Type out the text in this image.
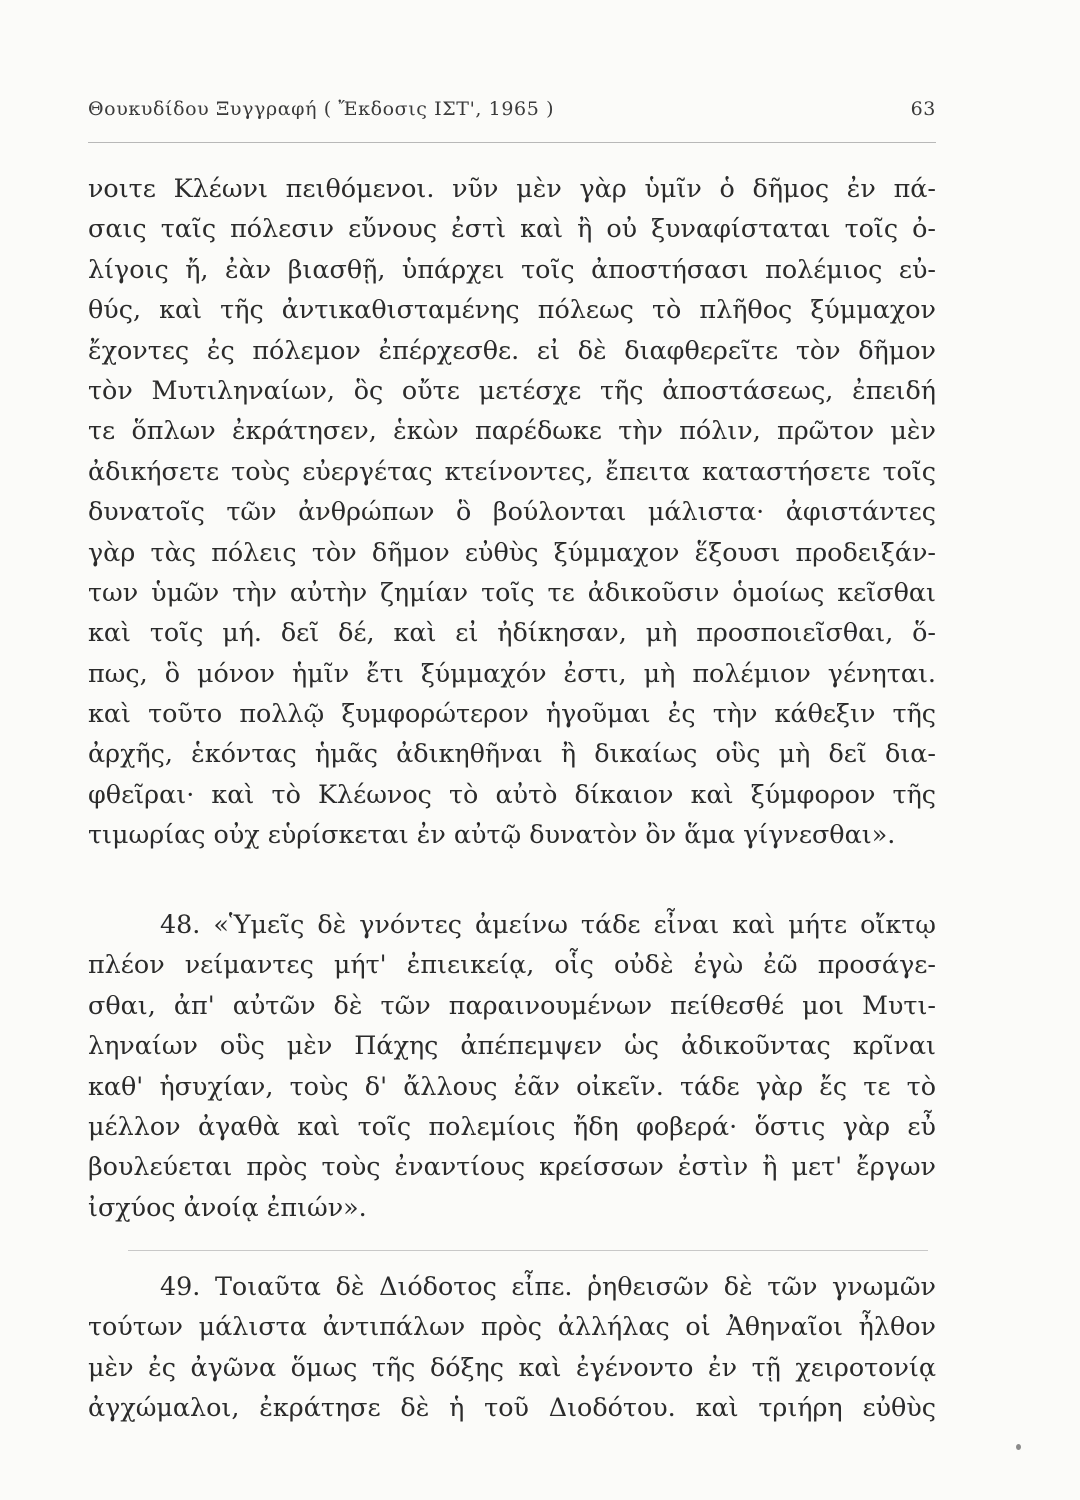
Θουκυδίδου Ξυγγραφή ( Ἔκδοσις ΙΣΤ', 1965 )	63
νοιτε Κλέωνι πειθόμενοι. νῦν μὲν γὰρ ὑμῖν ὁ δῆμος ἐν πά-
σαις ταῖς πόλεσιν εὔνους ἐστὶ καὶ ἢ οὐ ξυναφίσταται τοῖς ὀ-
λίγοις ἤ, ἐὰν βιασθῇ, ὑπάρχει τοῖς ἀποστήσασι πολέμιος εὐ-
θύς, καὶ τῆς ἀντικαθισταμένης πόλεως τὸ πλῆθος ξύμμαχον
ἔχοντες ἐς πόλεμον ἐπέρχεσθε. εἰ δὲ διαφθερεῖτε τὸν δῆμον
τὸν Μυτιληναίων, ὃς οὔτε μετέσχε τῆς ἀποστάσεως, ἐπειδή
τε ὅπλων ἐκράτησεν, ἑκὼν παρέδωκε τὴν πόλιν, πρῶτον μὲν
ἀδικήσετε τοὺς εὐεργέτας κτείνοντες, ἔπειτα καταστήσετε τοῖς
δυνατοῖς τῶν ἀνθρώπων ὃ βούλονται μάλιστα· ἀφιστάντες
γὰρ τὰς πόλεις τὸν δῆμον εὐθὺς ξύμμαχον ἕξουσι προδειξάν-
των ὑμῶν τὴν αὐτὴν ζημίαν τοῖς τε ἀδικοῦσιν ὁμοίως κεῖσθαι
καὶ τοῖς μή. δεῖ δέ, καὶ εἰ ἠδίκησαν, μὴ προσποιεῖσθαι, ὅ-
πως, ὃ μόνον ἡμῖν ἔτι ξύμμαχόν ἐστι, μὴ πολέμιον γένηται.
καὶ τοῦτο πολλῷ ξυμφορώτερον ἡγοῦμαι ἐς τὴν κάθεξιν τῆς
ἀρχῆς, ἑκόντας ἡμᾶς ἀδικηθῆναι ἢ δικαίως οὓς μὴ δεῖ δια-
φθεῖραι· καὶ τὸ Κλέωνος τὸ αὐτὸ δίκαιον καὶ ξύμφορον τῆς
τιμωρίας οὐχ εὑρίσκεται ἐν αὐτῷ δυνατὸν ὂν ἅμα γίγνεσθαι».
48. «Ὑμεῖς δὲ γνόντες ἀμείνω τάδε εἶναι καὶ μήτε οἴκτῳ
πλέον νείμαντες μήτ' ἐπιεικείᾳ, οἷς οὐδὲ ἐγὼ ἐῶ προσάγε-
σθαι, ἀπ' αὐτῶν δὲ τῶν παραινουμένων πείθεσθέ μοι Μυτι-
ληναίων οὓς μὲν Πάχης ἀπέπεμψεν ὡς ἀδικοῦντας κρῖναι
καθ' ἡσυχίαν, τοὺς δ' ἄλλους ἐᾶν οἰκεῖν. τάδε γὰρ ἔς τε τὸ
μέλλον ἀγαθὰ καὶ τοῖς πολεμίοις ἤδη φοβερά· ὅστις γὰρ εὖ
βουλεύεται πρὸς τοὺς ἐναντίους κρείσσων ἐστὶν ἢ μετ' ἔργων
ἰσχύος ἀνοίᾳ ἐπιών».
49. Τοιαῦτα δὲ Διόδοτος εἶπε. ῥηθεισῶν δὲ τῶν γνωμῶν
τούτων μάλιστα ἀντιπάλων πρὸς ἀλλήλας οἱ Ἀθηναῖοι ἦλθον
μὲν ἐς ἀγῶνα ὅμως τῆς δόξης καὶ ἐγένοντο ἐν τῇ χειροτονίᾳ
ἀγχώμαλοι, ἐκράτησε δὲ ἡ τοῦ Διοδότου. καὶ τριήρη εὐθὺς
